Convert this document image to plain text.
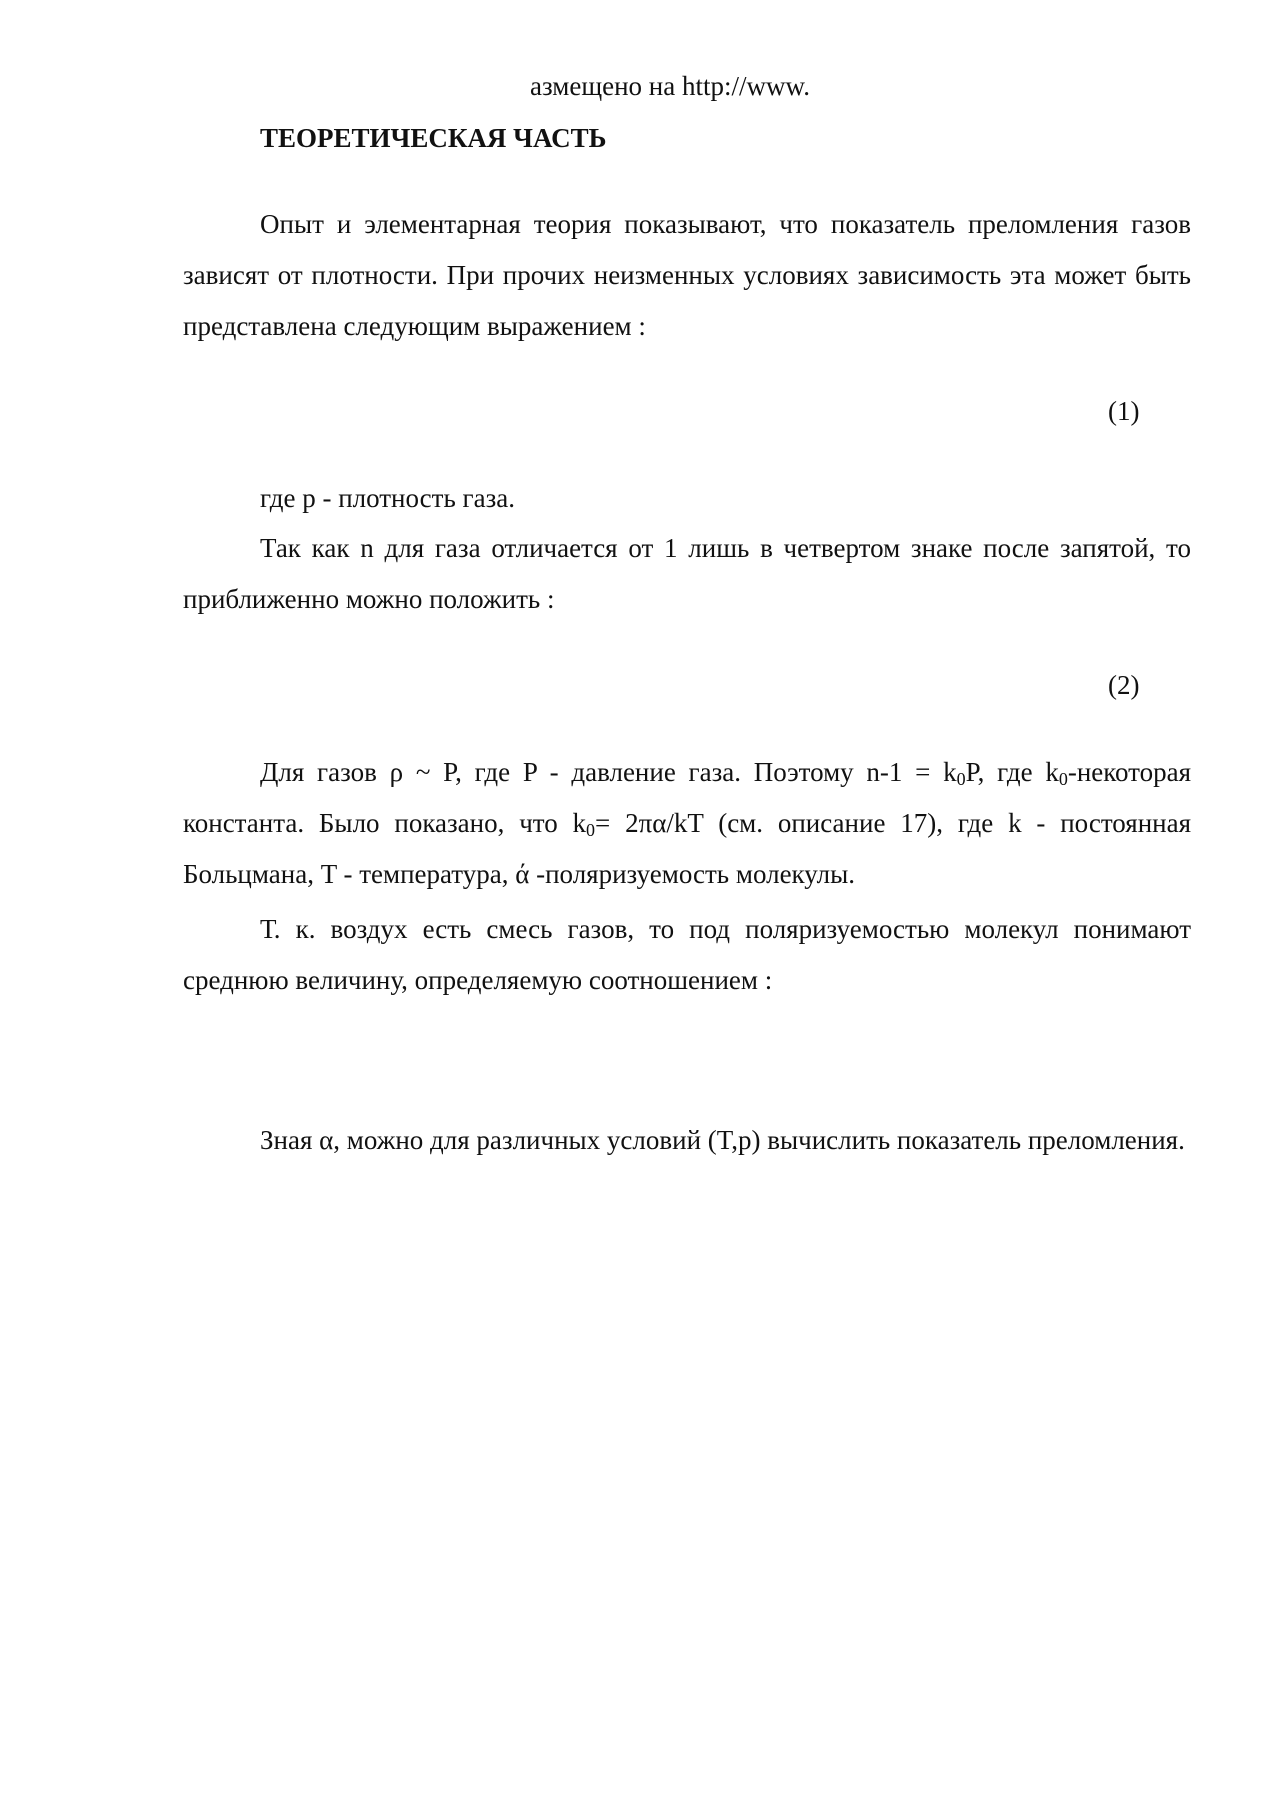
азмещено на http://www.
ТЕОРЕТИЧЕСКАЯ ЧАСТЬ

Опыт и элементарная теория показывают, что показатель преломления газов зависят от плотности. При прочих неизменных условиях зависимость эта может быть представлена следующим выражением :

(1)
где р - плотность газа.

Так как n для газа отличается от 1 лишь в четвертом знаке после запятой, то приближенно можно положить :

(2)

Для газов ρ ~ P, где P - давление газа. Поэтому $n-1 = k_0P$, где $k_0$-некоторая константа. Было показано, что $k_0= 2\pi\alpha/kT$ (см. описание 17), где k - постоянная Больцмана, T - температура, ά -поляризуемость молекулы.

Т. к. воздух есть смесь газов, то под поляризуемостью молекул понимают среднюю величину, определяемую соотношением :

Зная α, можно для различных условий (T,p) вычислить показатель преломления.
